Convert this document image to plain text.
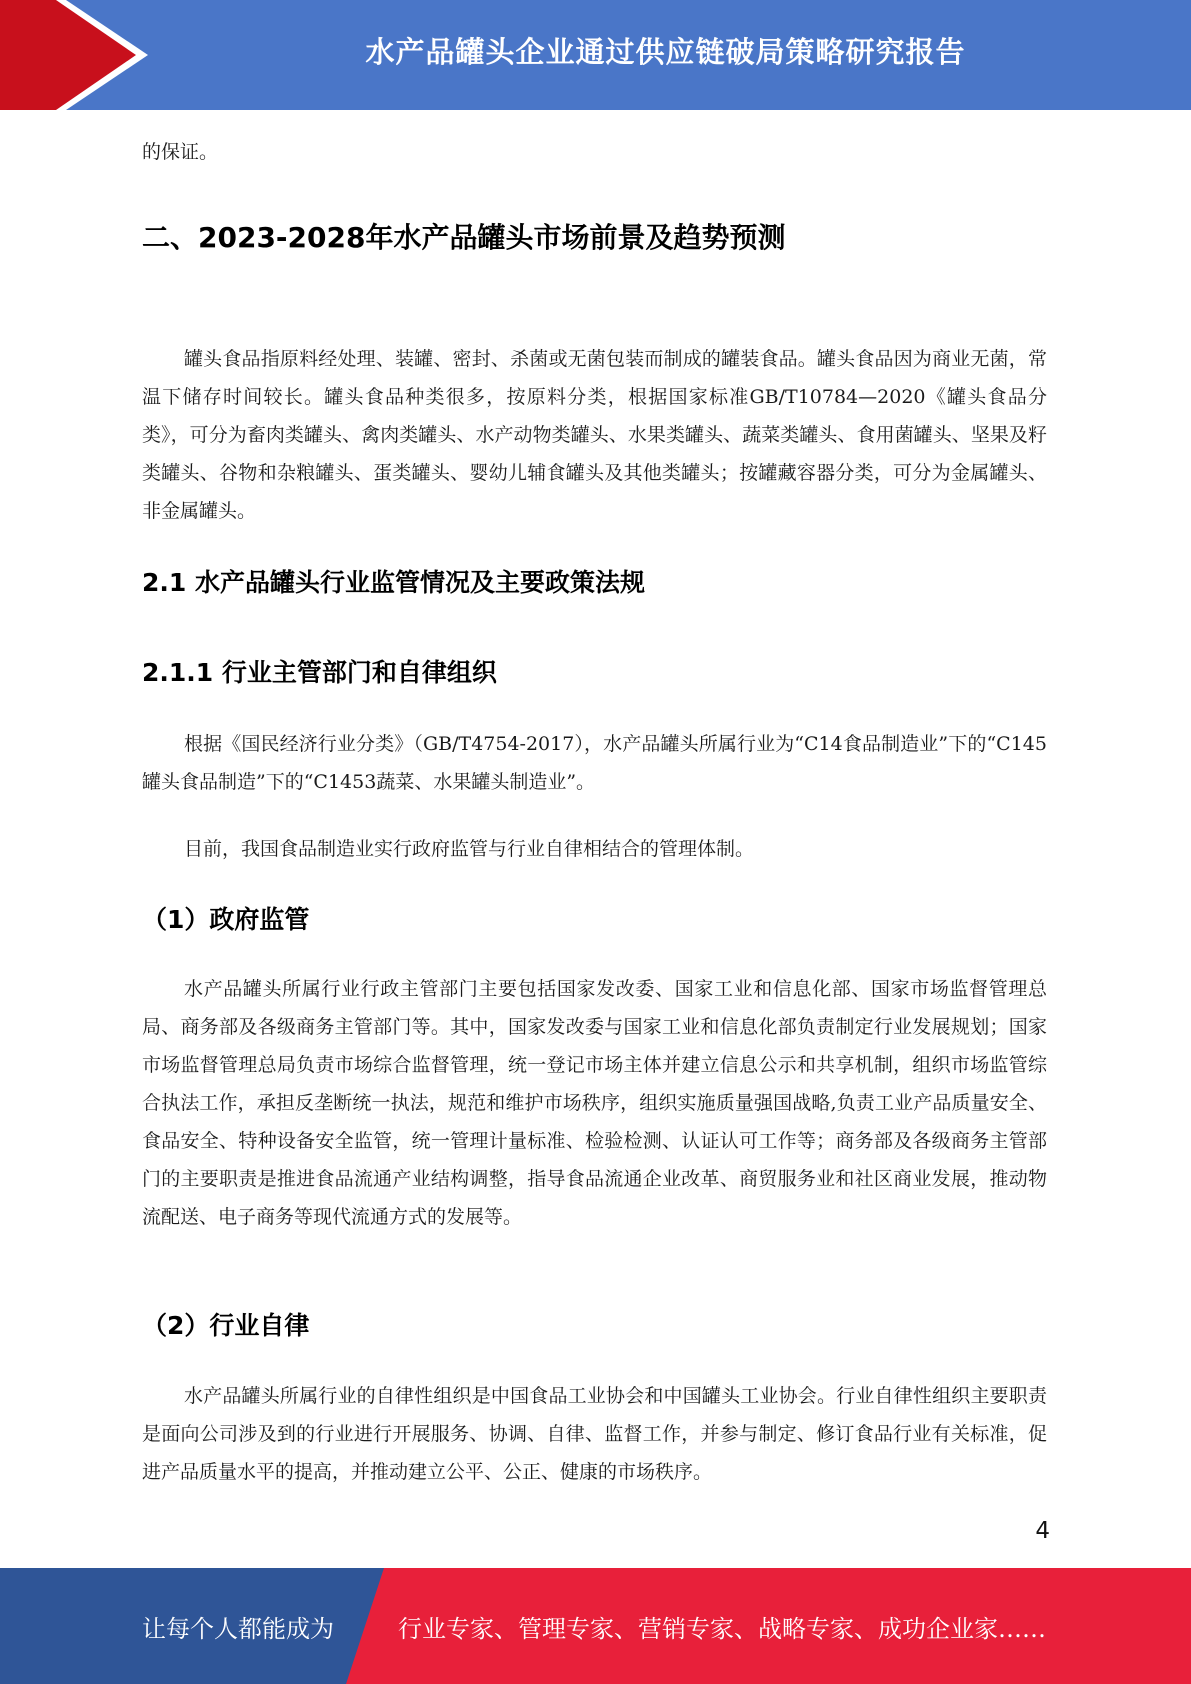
水产品罐头企业通过供应链破局策略研究报告

的保证。

二、2023-2028年水产品罐头市场前景及趋势预测

罐头食品指原料经处理、装罐、密封、杀菌或无菌包装而制成的罐装食品。罐头食品因为商业无菌，常温下储存时间较长。罐头食品种类很多，按原料分类，根据国家标准GB/T10784—2020《罐头食品分类》，可分为畜肉类罐头、禽肉类罐头、水产动物类罐头、水果类罐头、蔬菜类罐头、食用菌罐头、坚果及籽类罐头、谷物和杂粮罐头、蛋类罐头、婴幼儿辅食罐头及其他类罐头；按罐藏容器分类，可分为金属罐头、非金属罐头。

2.1 水产品罐头行业监管情况及主要政策法规
2.1.1 行业主管部门和自律组织

根据《国民经济行业分类》（GB/T4754-2017），水产品罐头所属行业为“C14食品制造业”下的“C145罐头食品制造”下的“C1453蔬菜、水果罐头制造业”。

目前，我国食品制造业实行政府监管与行业自律相结合的管理体制。

（1）政府监管

水产品罐头所属行业行政主管部门主要包括国家发改委、国家工业和信息化部、国家市场监督管理总局、商务部及各级商务主管部门等。其中，国家发改委与国家工业和信息化部负责制定行业发展规划；国家市场监督管理总局负责市场综合监督管理，统一登记市场主体并建立信息公示和共享机制，组织市场监管综合执法工作，承担反垄断统一执法，规范和维护市场秩序，组织实施质量强国战略,负责工业产品质量安全、食品安全、特种设备安全监管，统一管理计量标准、检验检测、认证认可工作等；商务部及各级商务主管部门的主要职责是推进食品流通产业结构调整，指导食品流通企业改革、商贸服务业和社区商业发展，推动物流配送、电子商务等现代流通方式的发展等。

（2）行业自律

水产品罐头所属行业的自律性组织是中国食品工业协会和中国罐头工业协会。行业自律性组织主要职责是面向公司涉及到的行业进行开展服务、协调、自律、监督工作，并参与制定、修订食品行业有关标准，促进产品质量水平的提高，并推动建立公平、公正、健康的市场秩序。

4
让每个人都能成为	行业专家、管理专家、营销专家、战略专家、成功企业家……
